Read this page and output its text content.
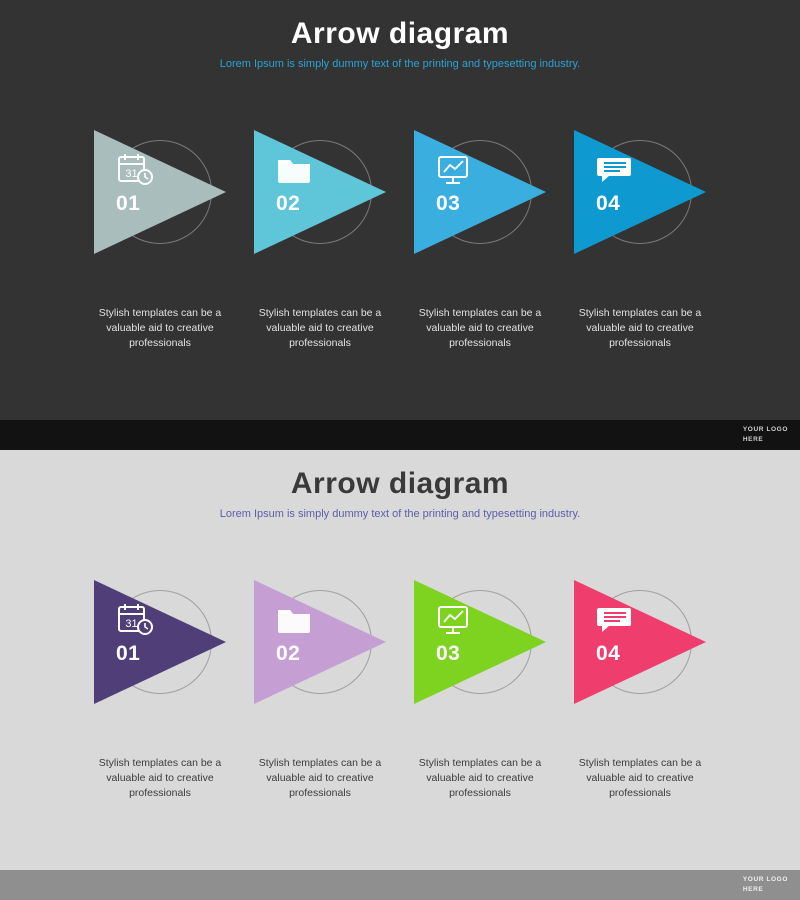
Arrow diagram

Lorem Ipsum is simply dummy text of the printing and typesetting industry.

31
01
Stylish templates can be a valuable aid to creative professionals
02
Stylish templates can be a valuable aid to creative professionals
03
Stylish templates can be a valuable aid to creative professionals
04
Stylish templates can be a valuable aid to creative professionals
YOUR LOGO
HERE
Arrow diagram

Lorem Ipsum is simply dummy text of the printing and typesetting industry.

31
01
Stylish templates can be a valuable aid to creative professionals
02
Stylish templates can be a valuable aid to creative professionals
03
Stylish templates can be a valuable aid to creative professionals
04
Stylish templates can be a valuable aid to creative professionals
YOUR LOGO
HERE
